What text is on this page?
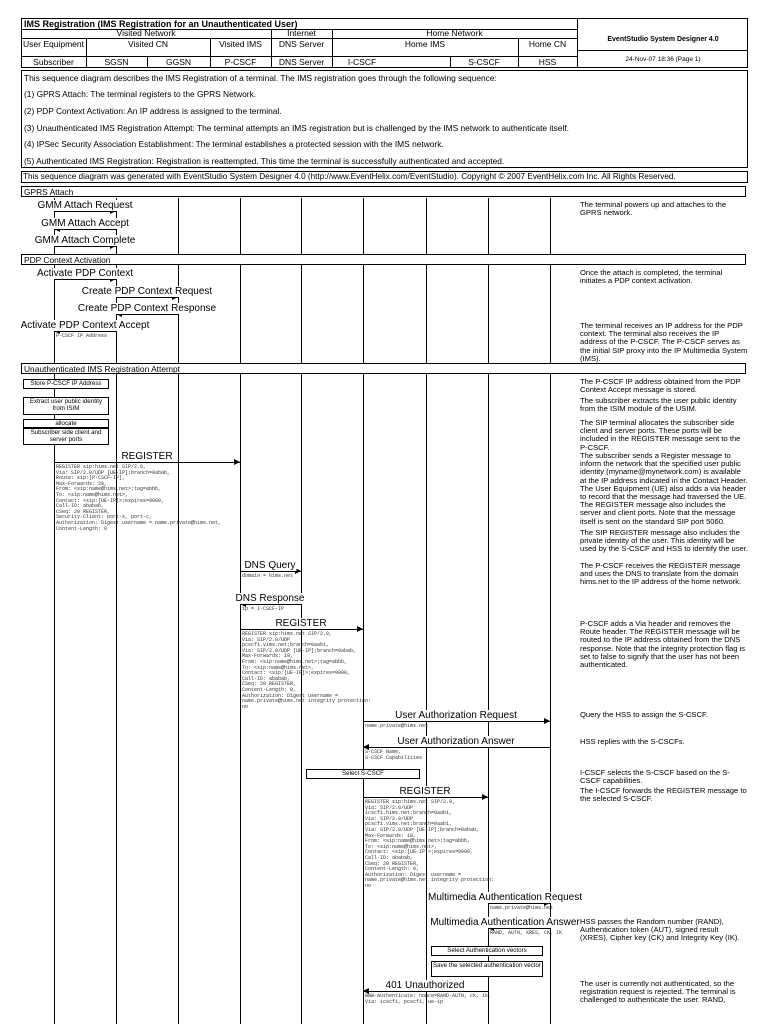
IMS Registration (IMS Registration for an Unauthenticated User)
EventStudio System Designer 4.0
24-Nov-07 18:36 (Page 1)
Visited Network	Internet	Home Network
User Equipment	Visited CN	Visited IMS	DNS Server	Home IMS	Home CN
Subscriber	SGSN	GGSN	P-CSCF	DNS Server	I-CSCF	S-CSCF	HSS
This sequence diagram describes the IMS Registration of a terminal. The IMS registration goes through the following sequence:
(1) GPRS Attach: The terminal registers to the GPRS Network.
(2) PDP Context Activation: An IP address is assigned to the terminal.
(3) Unauthenticated IMS Registration Attempt: The terminal attempts an IMS registration but is challenged by the IMS network to authenticate itself.
(4) IPSec Security Association Establishment: The terminal establishes a protected session with the IMS network.
(5) Authenticated IMS Registration: Registration is reattempted. This time the terminal is successfully authenticated and accepted.
This sequence diagram was generated with EventStudio System Designer 4.0 (http://www.EventHelix.com/EventStudio). Copyright © 2007 EventHelix.com Inc. All Rights Reserved.
GPRS Attach
PDP Context Activation
Unauthenticated IMS Registration Attempt
GMM Attach Request
GMM Attach Accept
GMM Attach Complete
The terminal powers up and attaches to the GPRS network.
Activate PDP Context
Create PDP Context Request
Create PDP Context Response
Activate PDP Context Accept
P-CSCF IP Address
Once the attach is completed, the terminal initiates a PDP context activation.
The terminal receives an IP address for the PDP context. The terminal also receives the IP address of the P-CSCF. The P-CSCF serves as the initial SIP proxy into the IP Multimedia System (IMS).
Store P-CSCF IP Address
Extract user public identity from ISIM
allocate
Subscriber side client and server ports
The P-CSCF IP address obtained from the PDP Context Accept message is stored.
The subscriber extracts the user public identity from the ISIM module of the USIM.
The SIP terminal allocates the subscriber side client and server ports. These ports will be included in the REGISTER message sent to the P-CSCF.
REGISTER
REGISTER sip:hims.net SIP/2.0,
Via: SIP/2.0/UDP [UE-IP];branch=0abab,
Route: sip:[P-CSCF-IP],
Max-Forwards: 20,
From: <sip:name@hims.net>;tag=abbb,
To: <sip:name@hims.net>,
Contact: <sip:[UE-IP]>;expires=9000,
Call-ID: ababab,
CSeq: 20 REGISTER,
Security-Client: port-s, port-c,
Authorization: Digest username = name.private@hims.net,
Content-Length: 0
The subscriber sends a Register message to inform the network that the specified user public identity (myname@mynetwork.com) is available at the IP address indicated in the Contact Header. The User Equipment (UE) also adds a via header to record that the message had traversed the UE. The REGISTER message also includes the server and client ports. Note that the message itself is sent on the standard SIP port 5060.
The SIP REGISTER message also includes the private identity of the user. This identity will be used by the S-CSCF and HSS to identify the user.
DNS Query
domain = hims.net
DNS Response
ip = I-CSCF-IP
The P-CSCF receives the REGISTER message and uses the DNS to translate from the domain hims.net to the IP address of the home network.
REGISTER
REGISTER sip:hims.net SIP/2.0,
Via: SIP/2.0/UDP
pcscf1.vims.net;branch=0aab1,
Via: SIP/2.0/UDP [UE-IP];branch=0abab,
Max-Forwards: 19,
From: <sip:name@hims.net>;tag=abbb,
To: <sip:name@hims.net>,
Contact: <sip:[UE-IP]>;expires=9000,
Call-ID: ababab,
CSeq: 20 REGISTER,
Content-Length: 0,
Authorization: Digest username =
name.private@hims.net integrity protection:
no
P-CSCF adds a Via header and removes the Route header. The REGISTER message will be routed to the IP address obtained from the DNS response. Note that the integrity protection flag is set to false to signify that the user has not been authenticated.
User Authorization Request
name.private@hims.net
Query the HSS to assign the S-CSCF.
User Authorization Answer
S-CSCF Name,
S-CSCF Capabilities
HSS replies with the S-CSCFs.
Select S-CSCF	I-CSCF selects the S-CSCF based on the S-CSCF capabilities.
REGISTER
REGISTER sip:hims.net SIP/2.0,
Via: SIP/2.0/UDP
icscf1.hims.net;branch=0aab1,
Via: SIP/2.0/UDP
pcscf1.vims.net;branch=0aab1,
Via: SIP/2.0/UDP [UE-IP];branch=0abab,
Max-Forwards: 18,
From: <sip:name@hims.net>;tag=abbb,
To: <sip:name@hims.net>,
Contact: <sip:[UE-IP]>;expires=9000,
Call-ID: ababab,
CSeq: 20 REGISTER,
Content-Length: 0,
Authorization: Digest username =
name.private@hims.net integrity protection:
no
The I-CSCF forwards the REGISTER message to the selected S-CSCF.
Multimedia Authentication Request
name.private@hims.net
Multimedia Authentication Answer
RAND, AUTN, XRES, CK, IK
HSS passes the Random number (RAND), Authentication token (AUT), signed result (XRES), Cipher key (CK) and Integrity Key (IK).
Select Authentication vectors
Save the selected authentication vector
401 Unauthorized
WWW-Authenticate: nonce=RAND-AUTN, ck, ik,
Via: icscf1, pcscf1, ue-ip
The user is currently not authenticated, so the registration request is rejected. The terminal is challenged to authenticate the user. RAND,
